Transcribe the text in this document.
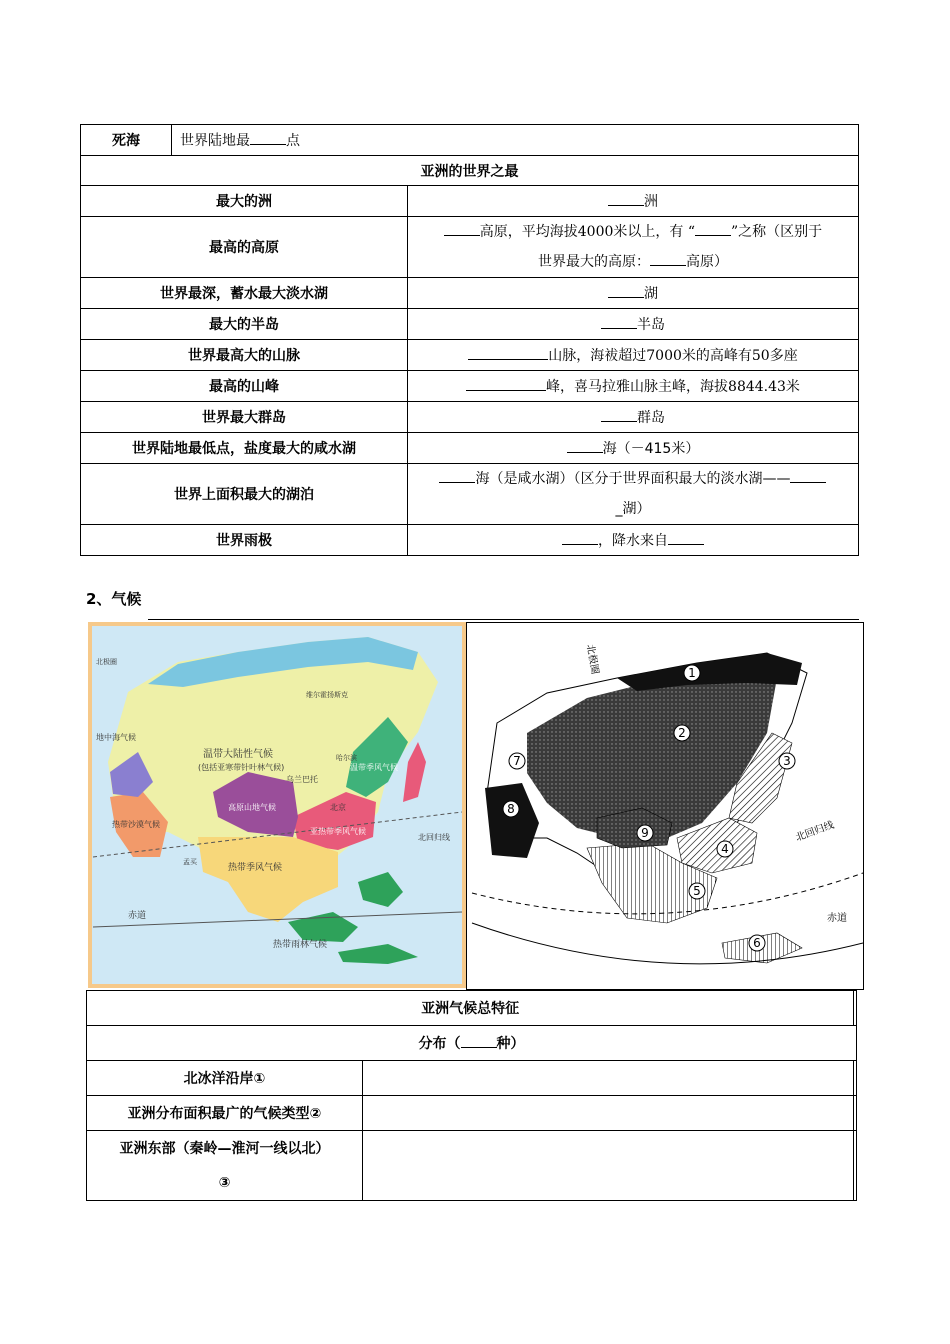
死海	世界陆地最 点	
亚洲的世界之最		
最大的洲		洲
最高的高原		高原，平均海拔4000米以上，有 “ ”之称（区别于
世界最大的高原： 高原）
世界最深，蓄水最大淡水湖		湖
最大的半岛		半岛
世界最高大的山脉		山脉，海袚超过7000米的高峰有50多座
最高的山峰		峰，喜马拉雅山脉主峰，海拔8844.43米
世界最大群岛		群岛
世界陆地最低点，盐度最大的咸水湖		海（－415米）
世界上面积最大的湖泊		海（是咸水湖）（区分于世界面积最大的淡水湖——
_湖）
世界雨极		，降水来自
2、气候
温带大陆性气候
(包括亚寒带针叶林气候)
乌兰巴托
北京
温带季风气候
高原山地气候
亚热带季风气候
热带季风气候
热带沙漠气候
地中海气候
热带雨林气候
赤道
北回归线
维尔霍扬斯克
哈尔滨
孟买
北极圈
1
2
3
4
5
6
7
8
9
北极圈
北回归线
赤道
亚洲气候总特征		
分布（ 种）		
北冰洋沿岸①		
亚洲分布面积最广的气候类型②		
亚洲东部（秦岭—淮河一线以北）
③		
